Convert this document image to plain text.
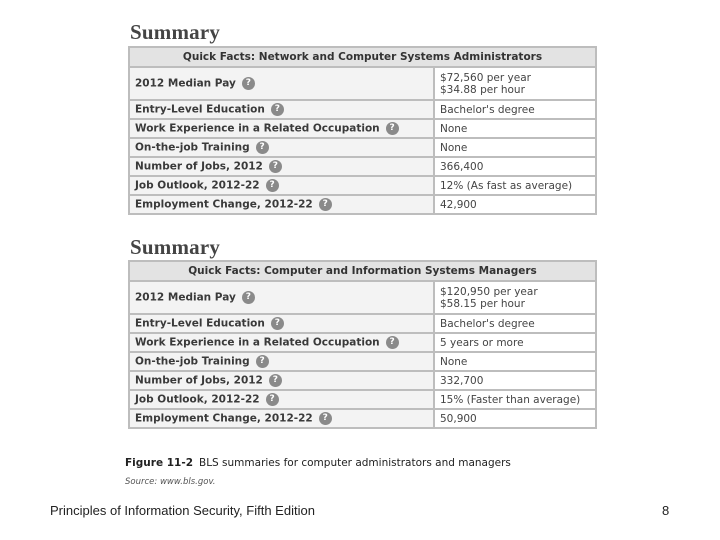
Summary
Quick Facts: Network and Computer Systems Administrators	
2012 Median Pay ?	$72,560 per year
$34.88 per hour
Entry-Level Education ?	Bachelor's degree
Work Experience in a Related Occupation ?	None
On-the-job Training ?	None
Number of Jobs, 2012 ?	366,400
Job Outlook, 2012-22 ?	12% (As fast as average)
Employment Change, 2012-22 ?	42,900
Summary
Quick Facts: Computer and Information Systems Managers	
2012 Median Pay ?	$120,950 per year
$58.15 per hour
Entry-Level Education ?	Bachelor's degree
Work Experience in a Related Occupation ?	5 years or more
On-the-job Training ?	None
Number of Jobs, 2012 ?	332,700
Job Outlook, 2012-22 ?	15% (Faster than average)
Employment Change, 2012-22 ?	50,900
Figure 11-2 BLS summaries for computer administrators and managers
Source: www.bls.gov.
Principles of Information Security, Fifth Edition	8
